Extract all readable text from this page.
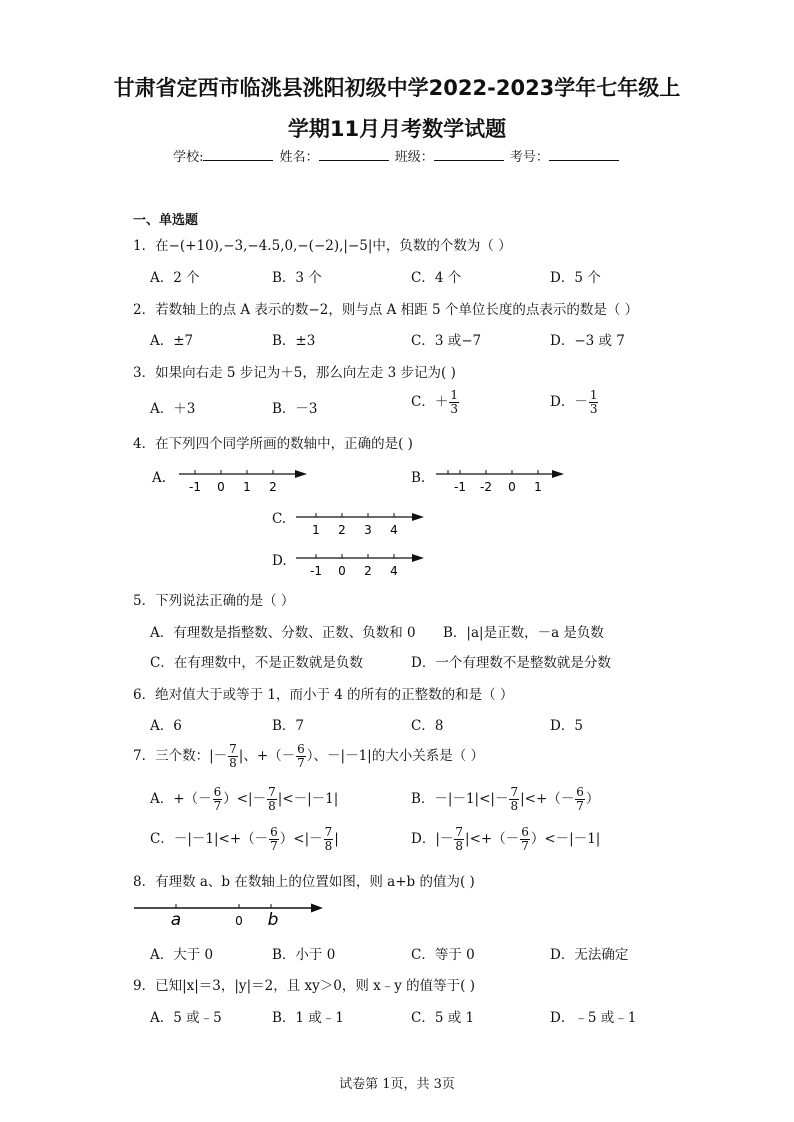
甘肃省定西市临洮县洮阳初级中学2022-2023学年七年级上
学期11月月考数学试题
学校:	姓名：	班级：	考号：
一、单选题
1．在−(+10),−3,−4.5,0,−(−2),|−5|中，负数的个数为（ ）
A．2 个	B．3 个	C．4 个	D．5 个
2．若数轴上的点 A 表示的数−2，则与点 A 相距 5 个单位长度的点表示的数是（ ）
A．±7	B．±3	C．3 或−7	D．−3 或 7
3．如果向右走 5 步记为＋5，那么向左走 3 步记为( )
A．＋3	B．－3	C．＋ $\frac{1}{3}$	D．－ $\frac{1}{3}$
4．在下列四个同学所画的数轴中，正确的是( )
A.
-1 0 1 2
B.
-1 -2 0 1
C.
1 2 3 4
D.
-1 0 2 4
5．下列说法正确的是（ ）
A．有理数是指整数、分数、正数、负数和 0 B．|a|是正数，－a 是负数
C．在有理数中，不是正数就是负数	D．一个有理数不是整数就是分数
6．绝对值大于或等于 1，而小于 4 的所有的正整数的和是（ ）
A．6	B．7	C．8	D．5
7．三个数：|－ $\frac{7}{8}$ |、+（－ $\frac{6}{7}$ ）、－|－1|的大小关系是（ ）
A．+（－ $\frac{6}{7}$ ）<|－ $\frac{7}{8} |<-|-1|$	B．$-|-1|<|- \frac{7}{8}$ |<+（－ $\frac{6}{7}$ ）
C．$-|-1|<+(- \frac{6}{7}$ ）<|－ $\frac{7}{8}$ |	D．|－ $\frac{7}{8}$ |<+（－ $\frac{6}{7} )<-|-1|$
8．有理数 a、b 在数轴上的位置如图，则 a+b 的值为( )
a	0 b
A．大于 0	B．小于 0	C．等于 0	D．无法确定
9．已知|x|＝3，|y|＝2，且 xy＞0，则 x﹣y 的值等于( )
A．5 或﹣5	B．1 或﹣1	C．5 或 1	D．﹣5 或﹣1
试卷第 1页，共 3页
